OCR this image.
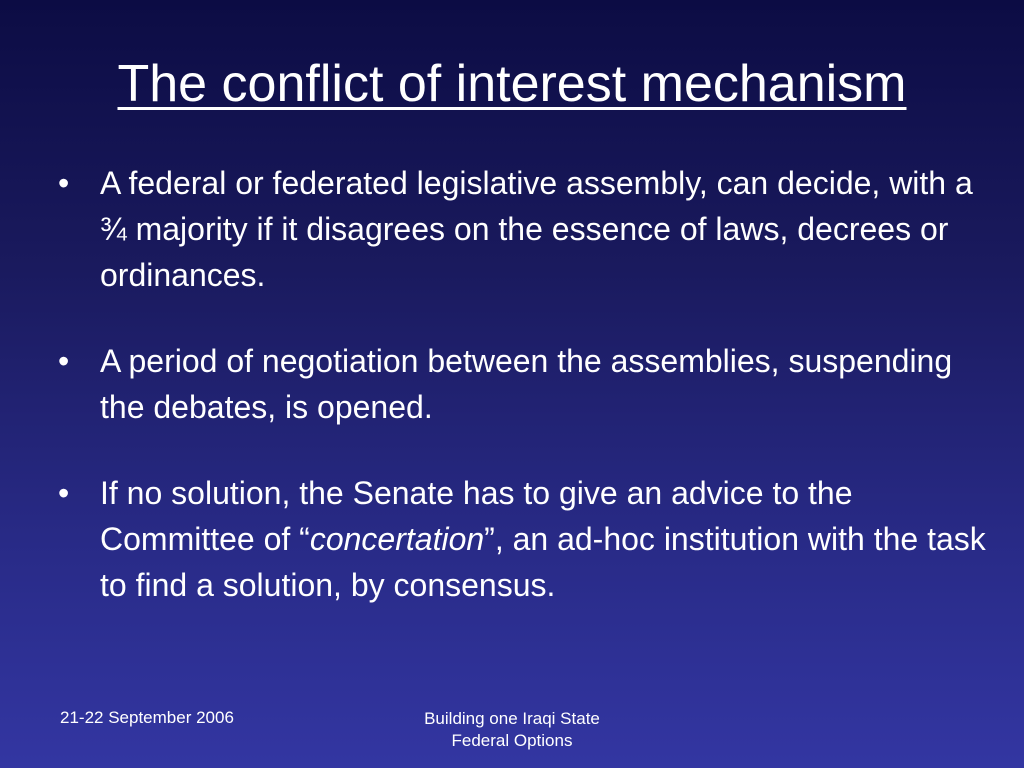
The conflict of interest mechanism
• A federal or federated legislative assembly, can decide, with a ¾ majority if it disagrees on the essence of laws, decrees or ordinances.
• A period of negotiation between the assemblies, suspending the debates, is opened.
• If no solution, the Senate has to give an advice to the Committee of “concertation”, an ad-hoc institution with the task to find a solution, by consensus.
21-22 September 2006	Building one Iraqi State
Federal Options
